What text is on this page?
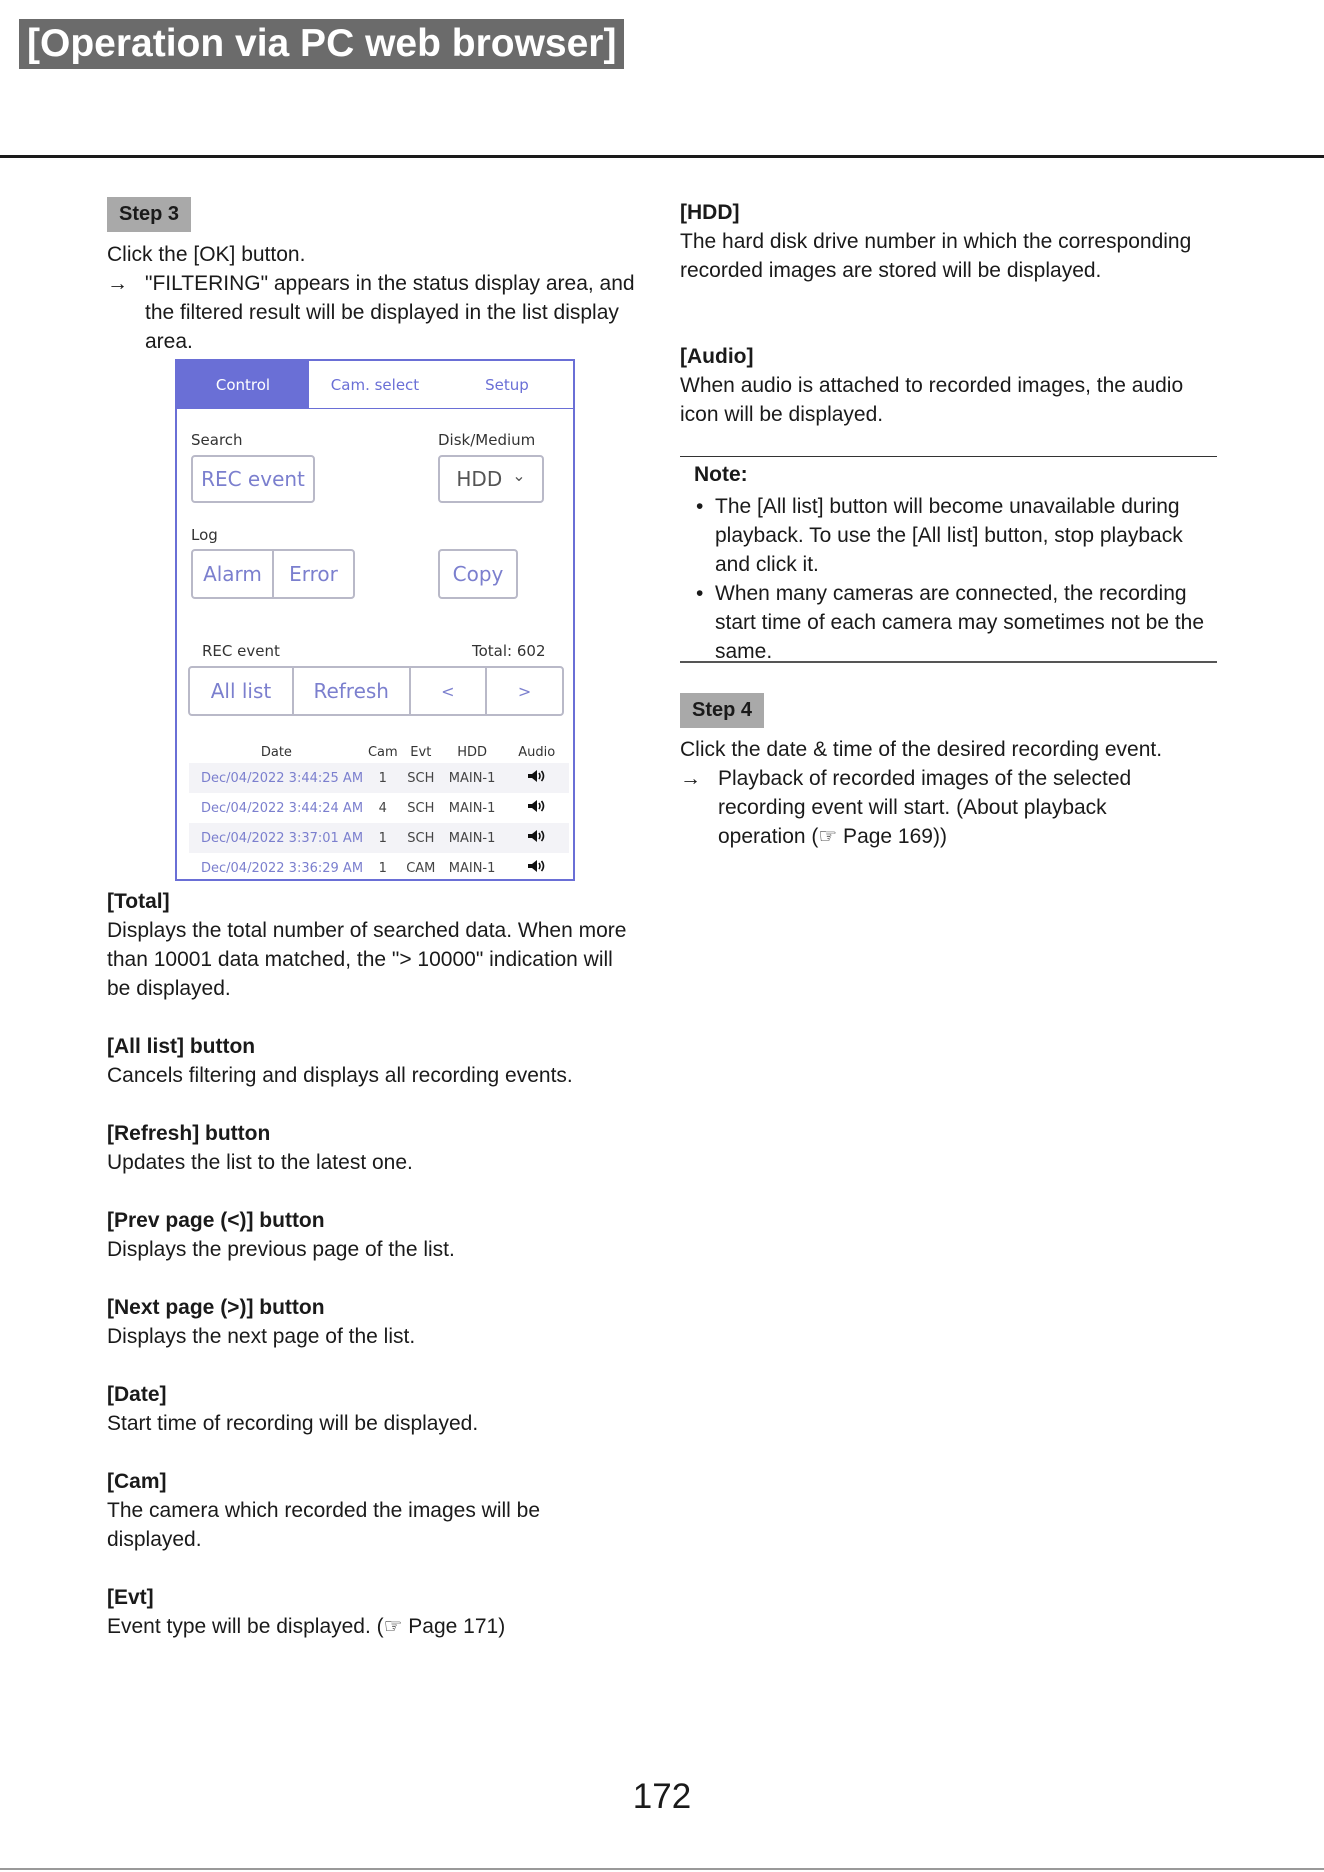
[Operation via PC web browser]
Step 3
Click the [OK] button.
→ "FILTERING" appears in the status display area, and the filtered result will be displayed in the list display area.
Control	Cam. select	Setup
Search
REC event
Disk/Medium
HDD ⌄
Log
Alarm	Error	Copy
REC event	Total: 602
All list	Refresh	<	>
Date	Cam	Evt	HDD	Audio
Dec/04/2022 3:44:25 AM	1	SCH	MAIN-1	
Dec/04/2022 3:44:24 AM	4	SCH	MAIN-1	
Dec/04/2022 3:37:01 AM	1	SCH	MAIN-1	
Dec/04/2022 3:36:29 AM	1	CAM	MAIN-1	
[Total]
Displays the total number of searched data. When more than 10001 data matched, the "> 10000" indication will be displayed.
[All list] button
Cancels filtering and displays all recording events.
[Refresh] button
Updates the list to the latest one.
[Prev page (<)] button
Displays the previous page of the list.
[Next page (>)] button
Displays the next page of the list.
[Date]
Start time of recording will be displayed.
[Cam]
The camera which recorded the images will be displayed.
[Evt]
Event type will be displayed. (☞ Page 171)
[HDD]
The hard disk drive number in which the corresponding recorded images are stored will be displayed.
[Audio]
When audio is attached to recorded images, the audio icon will be displayed.
Note:
• The [All list] button will become unavailable during playback. To use the [All list] button, stop playback and click it.
• When many cameras are connected, the recording start time of each camera may sometimes not be the same.
Step 4
Click the date & time of the desired recording event.
→ Playback of recorded images of the selected recording event will start. (About playback operation (☞ Page 169))
172
